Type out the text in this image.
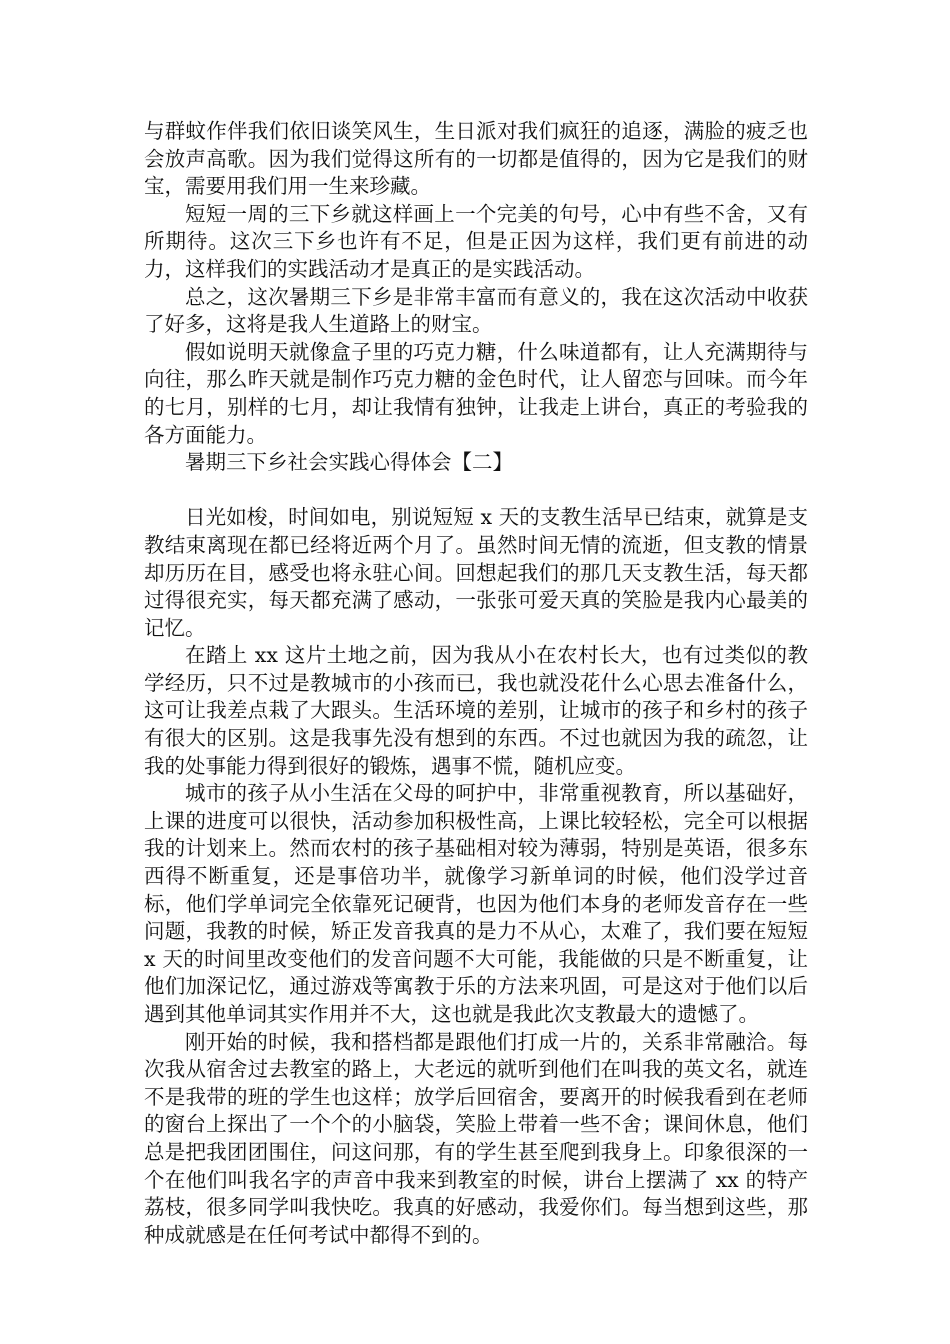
与群蚊作伴我们依旧谈笑风生，生日派对我们疯狂的追逐，满脸的疲乏也会放声高歌。因为我们觉得这所有的一切都是值得的，因为它是我们的财宝，需要用我们用一生来珍藏。

短短一周的三下乡就这样画上一个完美的句号，心中有些不舍，又有所期待。这次三下乡也许有不足，但是正因为这样，我们更有前进的动力，这样我们的实践活动才是真正的是实践活动。

总之，这次暑期三下乡是非常丰富而有意义的，我在这次活动中收获了好多，这将是我人生道路上的财宝。

假如说明天就像盒子里的巧克力糖，什么味道都有，让人充满期待与向往，那么昨天就是制作巧克力糖的金色时代，让人留恋与回味。而今年的七月，别样的七月，却让我情有独钟，让我走上讲台，真正的考验我的各方面能力。

暑期三下乡社会实践心得体会【二】

日光如梭，时间如电，别说短短 x 天的支教生活早已结束，就算是支教结束离现在都已经将近两个月了。虽然时间无情的流逝，但支教的情景却历历在目，感受也将永驻心间。回想起我们的那几天支教生活，每天都过得很充实，每天都充满了感动，一张张可爱天真的笑脸是我内心最美的记忆。

在踏上 xx 这片土地之前，因为我从小在农村长大，也有过类似的教学经历，只不过是教城市的小孩而已，我也就没花什么心思去准备什么，这可让我差点栽了大跟头。生活环境的差别，让城市的孩子和乡村的孩子有很大的区别。这是我事先没有想到的东西。不过也就因为我的疏忽，让我的处事能力得到很好的锻炼，遇事不慌，随机应变。

城市的孩子从小生活在父母的呵护中，非常重视教育，所以基础好，上课的进度可以很快，活动参加积极性高，上课比较轻松，完全可以根据我的计划来上。然而农村的孩子基础相对较为薄弱，特别是英语，很多东西得不断重复，还是事倍功半，就像学习新单词的时候，他们没学过音标，他们学单词完全依靠死记硬背，也因为他们本身的老师发音存在一些问题，我教的时候，矫正发音我真的是力不从心，太难了，我们要在短短 x 天的时间里改变他们的发音问题不大可能，我能做的只是不断重复，让他们加深记忆，通过游戏等寓教于乐的方法来巩固，可是这对于他们以后遇到其他单词其实作用并不大，这也就是我此次支教最大的遗憾了。

刚开始的时候，我和搭档都是跟他们打成一片的，关系非常融洽。每次我从宿舍过去教室的路上，大老远的就听到他们在叫我的英文名，就连不是我带的班的学生也这样；放学后回宿舍，要离开的时候我看到在老师的窗台上探出了一个个的小脑袋，笑脸上带着一些不舍；课间休息，他们总是把我团团围住，问这问那，有的学生甚至爬到我身上。印象很深的一个在他们叫我名字的声音中我来到教室的时候，讲台上摆满了 xx 的特产荔枝，很多同学叫我快吃。我真的好感动，我爱你们。每当想到这些，那种成就感是在任何考试中都得不到的。
